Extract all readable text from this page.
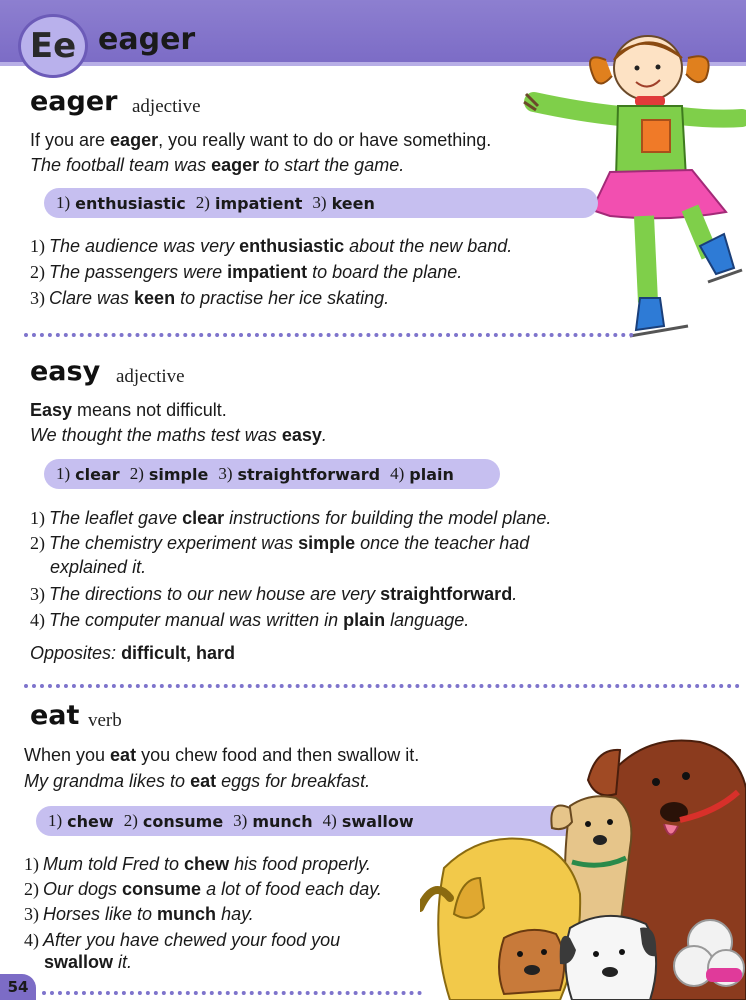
Ee eager
eager adjective
If you are eager, you really want to do or have something.
The football team was eager to start the game.
1) enthusiastic 2) impatient 3) keen
1) The audience was very enthusiastic about the new band.
2) The passengers were impatient to board the plane.
3) Clare was keen to practise her ice skating.
easy adjective
Easy means not difficult.
We thought the maths test was easy.
1) clear 2) simple 3) straightforward 4) plain
1) The leaflet gave clear instructions for building the model plane.
2) The chemistry experiment was simple once the teacher had
explained it.
3) The directions to our new house are very straightforward.
4) The computer manual was written in plain language.
Opposites: difficult, hard
eat verb
When you eat you chew food and then swallow it.
My grandma likes to eat eggs for breakfast.
1) chew 2) consume 3) munch 4) swallow
1) Mum told Fred to chew his food properly.
2) Our dogs consume a lot of food each day.
3) Horses like to munch hay.
4) After you have chewed your food you
swallow it.
54
